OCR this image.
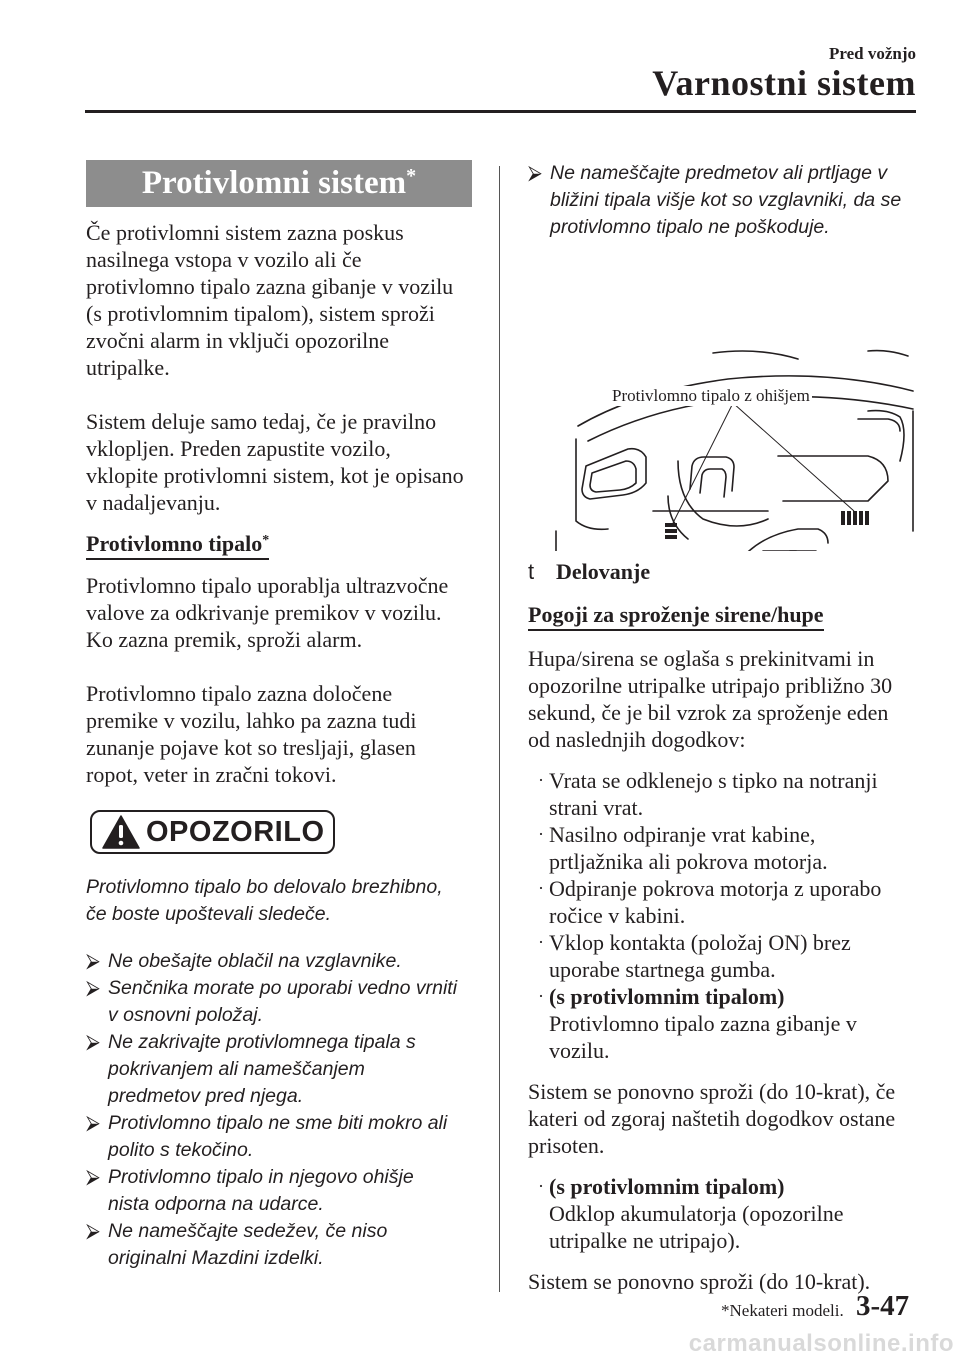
Pred vožnjo
Varnostni sistem
Protivlomni sistem*

Če protivlomni sistem zazna poskus

nasilnega vstopa v vozilo ali če

protivlomno tipalo zazna gibanje v vozilu

(s protivlomnim tipalom), sistem sproži

zvočni alarm in vključi opozorilne

utripalke.

Sistem deluje samo tedaj, če je pravilno

vklopljen. Preden zapustite vozilo,

vklopite protivlomni sistem, kot je opisano

v nadaljevanju.

Protivlomno tipalo*

Protivlomno tipalo uporablja ultrazvočne

valove za odkrivanje premikov v vozilu.

Ko zazna premik, sproži alarm.

Protivlomno tipalo zazna določene

premike v vozilu, lahko pa zazna tudi

zunanje pojave kot so tresljaji, glasen

ropot, veter in zračni tokovi.

OPOZORILO

Protivlomno tipalo bo delovalo brezhibno,

če boste upoštevali sledeče.

⮚ Ne obešajte oblačil na vzglavnike.
⮚ Senčnika morate po uporabi vedno vrniti
v osnovni položaj.
⮚ Ne zakrivajte protivlomnega tipala s
pokrivanjem ali nameščanjem
predmetov pred njega.
⮚ Protivlomno tipalo ne sme biti mokro ali
polito s tekočino.
⮚ Protivlomno tipalo in njegovo ohišje
nista odporna na udarce.
⮚ Ne nameščajte sedežev, če niso
originalni Mazdini izdelki.
⮚ Ne nameščajte predmetov ali prtljage v
bližini tipala višje kot so vzglavniki, da se
protivlomno tipalo ne poškoduje.
Protivlomno tipalo z ohišjem
t Delovanje
Pogoji za sproženje sirene/hupe

Hupa/sirena se oglaša s prekinitvami in

opozorilne utripalke utripajo približno 30

sekund, če je bil vzrok za sproženje eden

od naslednjih dogodkov:

· Vrata se odklenejo s tipko na notranji
strani vrat.
· Nasilno odpiranje vrat kabine,
prtljažnika ali pokrova motorja.
· Odpiranje pokrova motorja z uporabo
ročice v kabini.
· Vklop kontakta (položaj ON) brez
uporabe startnega gumba.
· (s protivlomnim tipalom)
Protivlomno tipalo zazna gibanje v
vozilu.

Sistem se ponovno sproži (do 10-krat), če

kateri od zgoraj naštetih dogodkov ostane

prisoten.

· (s protivlomnim tipalom)
Odklop akumulatorja (opozorilne
utripalke ne utripajo).

Sistem se ponovno sproži (do 10-krat).

*Nekateri modeli. 3-47
carmanualsonline.info
